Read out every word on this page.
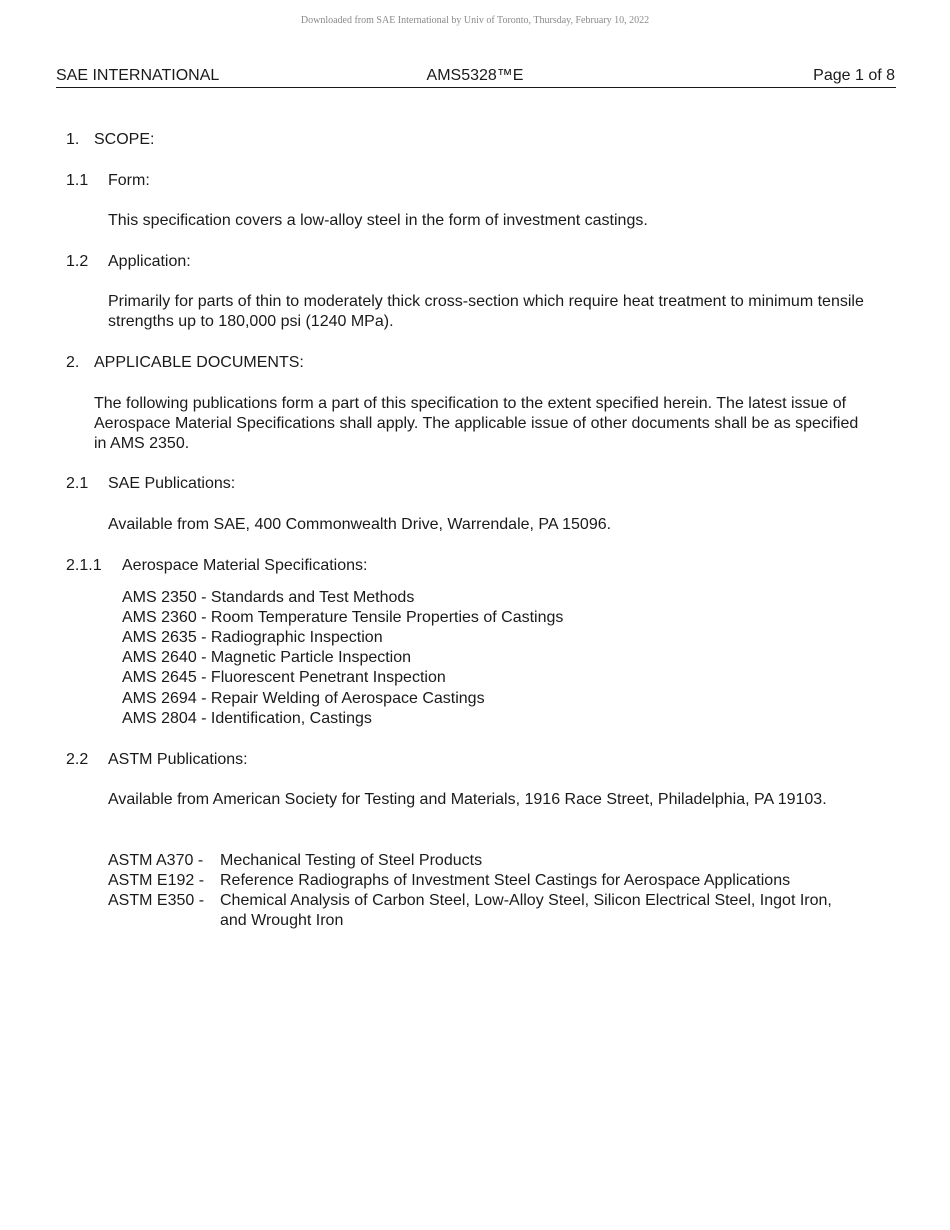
Downloaded from SAE International by Univ of Toronto, Thursday, February 10, 2022
SAE INTERNATIONAL	AMS5328™E	Page 1 of 8
1. SCOPE:
1.1 Form:
This specification covers a low-alloy steel in the form of investment castings.
1.2 Application:
Primarily for parts of thin to moderately thick cross-section which require heat treatment to minimum tensile strengths up to 180,000 psi (1240 MPa).
2. APPLICABLE DOCUMENTS:
The following publications form a part of this specification to the extent specified herein. The latest issue of Aerospace Material Specifications shall apply. The applicable issue of other documents shall be as specified in AMS 2350.
2.1 SAE Publications:
Available from SAE, 400 Commonwealth Drive, Warrendale, PA 15096.
2.1.1 Aerospace Material Specifications:
AMS 2350 - Standards and Test Methods
AMS 2360 - Room Temperature Tensile Properties of Castings
AMS 2635 - Radiographic Inspection
AMS 2640 - Magnetic Particle Inspection
AMS 2645 - Fluorescent Penetrant Inspection
AMS 2694 - Repair Welding of Aerospace Castings
AMS 2804 - Identification, Castings
2.2 ASTM Publications:
Available from American Society for Testing and Materials, 1916 Race Street, Philadelphia, PA 19103.
ASTM A370 - Mechanical Testing of Steel Products
ASTM E192 - Reference Radiographs of Investment Steel Castings for Aerospace Applications
ASTM E350 - Chemical Analysis of Carbon Steel, Low-Alloy Steel, Silicon Electrical Steel, Ingot Iron, and Wrought Iron
